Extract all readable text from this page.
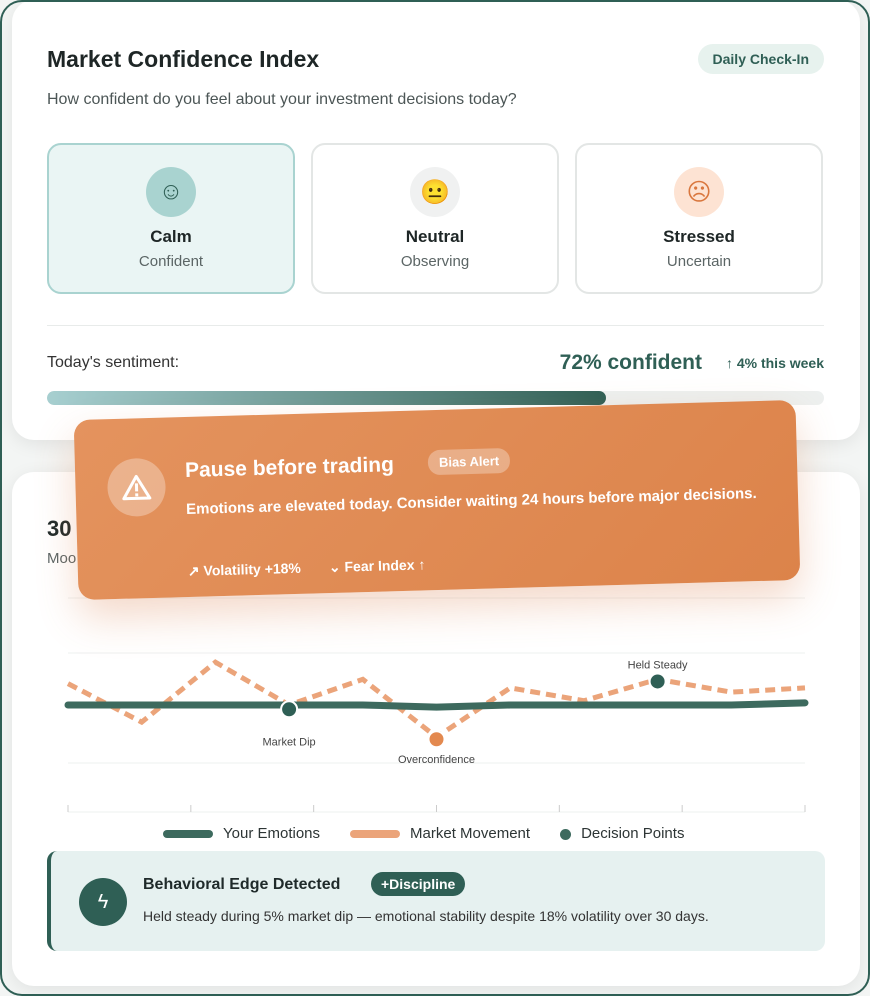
Market Confidence Index
How confident do you feel about your investment decisions today?
Daily Check-In
☺
Calm
Confident
😐
Neutral
Observing
☹
Stressed
Uncertain
Today's sentiment:	72% confident ↑ 4% this week
30
Moo
Market Dip
Overconfidence
Held Steady
ϟ
Behavioral Edge Detected	+Discipline
Held steady during 5% market dip — emotional stability despite 18% volatility over 30 days.
Your Emotions	Market Movement	Decision Points
Pause before trading	Bias Alert
Emotions are elevated today. Consider waiting 24 hours before major decisions.
↗ Volatility +18% ⌄ Fear Index ↑
